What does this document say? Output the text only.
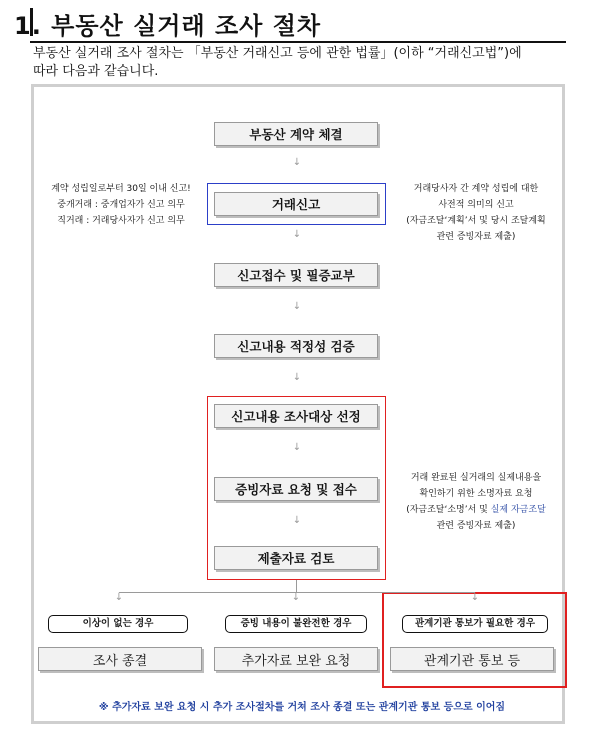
1. 부동산 실거래 조사 절차
부동산 실거래 조사 절차는 「부동산 거래신고 등에 관한 법률」(이하 “거래신고법”)에
따라 다음과 같습니다.
부동산 계약 체결
↓
거래신고
↓
신고접수 및 필증교부
↓
신고내용 적정성 검증
↓
신고내용 조사대상 선정
↓
증빙자료 요청 및 접수
↓
제출자료 검토
계약 성립일로부터 30일 이내 신고!
중개거래 : 중개업자가 신고 의무
직거래 : 거래당사자가 신고 의무
거래당사자 간 계약 성립에 대한
사전적 의미의 신고
(자금조달‘계획’서 및 당시 조달계획
관련 증빙자료 제출)
거래 완료된 실거래의 실제내용을
확인하기 위한 소명자료 요청
(자금조달‘소명’서 및 실제 자금조달
관련 증빙자료 제출)
↓	↓	↓
이상이 없는 경우	증빙 내용이 불완전한 경우	관계기관 통보가 필요한 경우
조사 종결	추가자료 보완 요청	관계기관 통보 등
※ 추가자료 보완 요청 시 추가 조사절차를 거쳐 조사 종결 또는 관계기관 통보 등으로 이어짐
